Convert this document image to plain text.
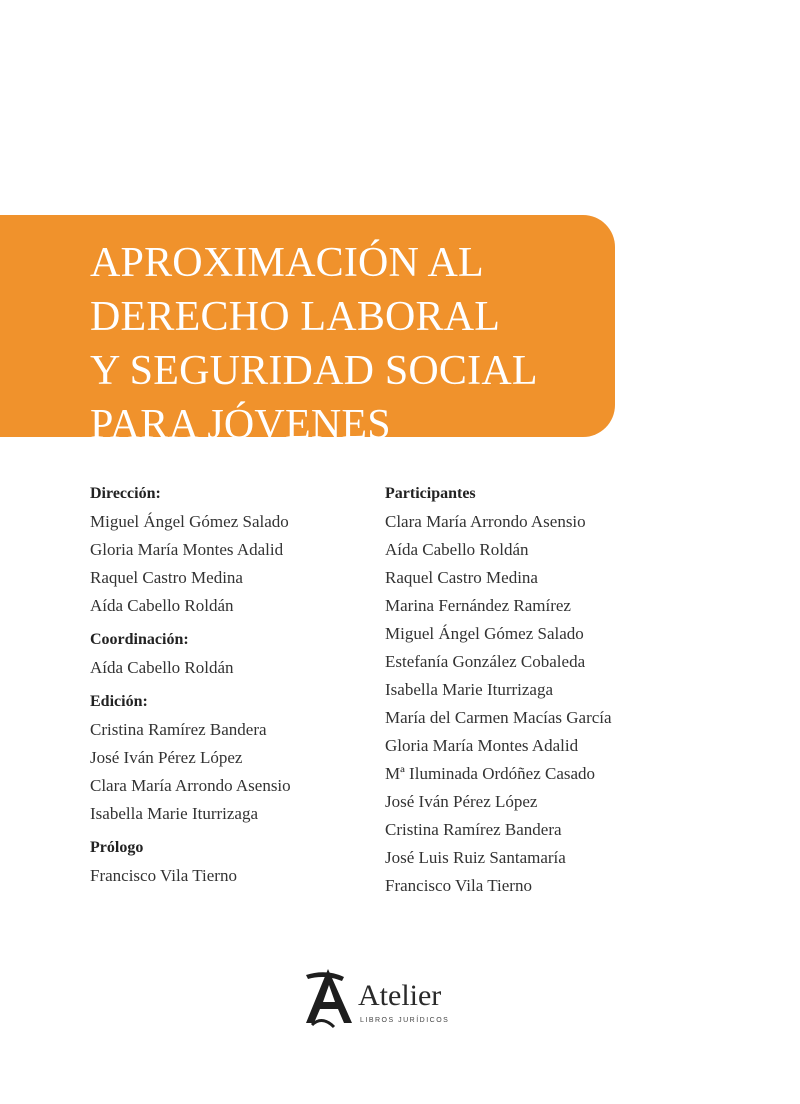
APROXIMACIÓN AL
DERECHO LABORAL
Y SEGURIDAD SOCIAL
PARA JÓVENES
Dirección:
Miguel Ángel Gómez Salado
Gloria María Montes Adalid
Raquel Castro Medina
Aída Cabello Roldán
Coordinación:
Aída Cabello Roldán
Edición:
Cristina Ramírez Bandera
José Iván Pérez López
Clara María Arrondo Asensio
Isabella Marie Iturrizaga
Prólogo
Francisco Vila Tierno
Participantes
Clara María Arrondo Asensio
Aída Cabello Roldán
Raquel Castro Medina
Marina Fernández Ramírez
Miguel Ángel Gómez Salado
Estefanía González Cobaleda
Isabella Marie Iturrizaga
María del Carmen Macías García
Gloria María Montes Adalid
Mª Iluminada Ordóñez Casado
José Iván Pérez López
Cristina Ramírez Bandera
José Luis Ruiz Santamaría
Francisco Vila Tierno
Atelier
LIBROS JURÍDICOS
